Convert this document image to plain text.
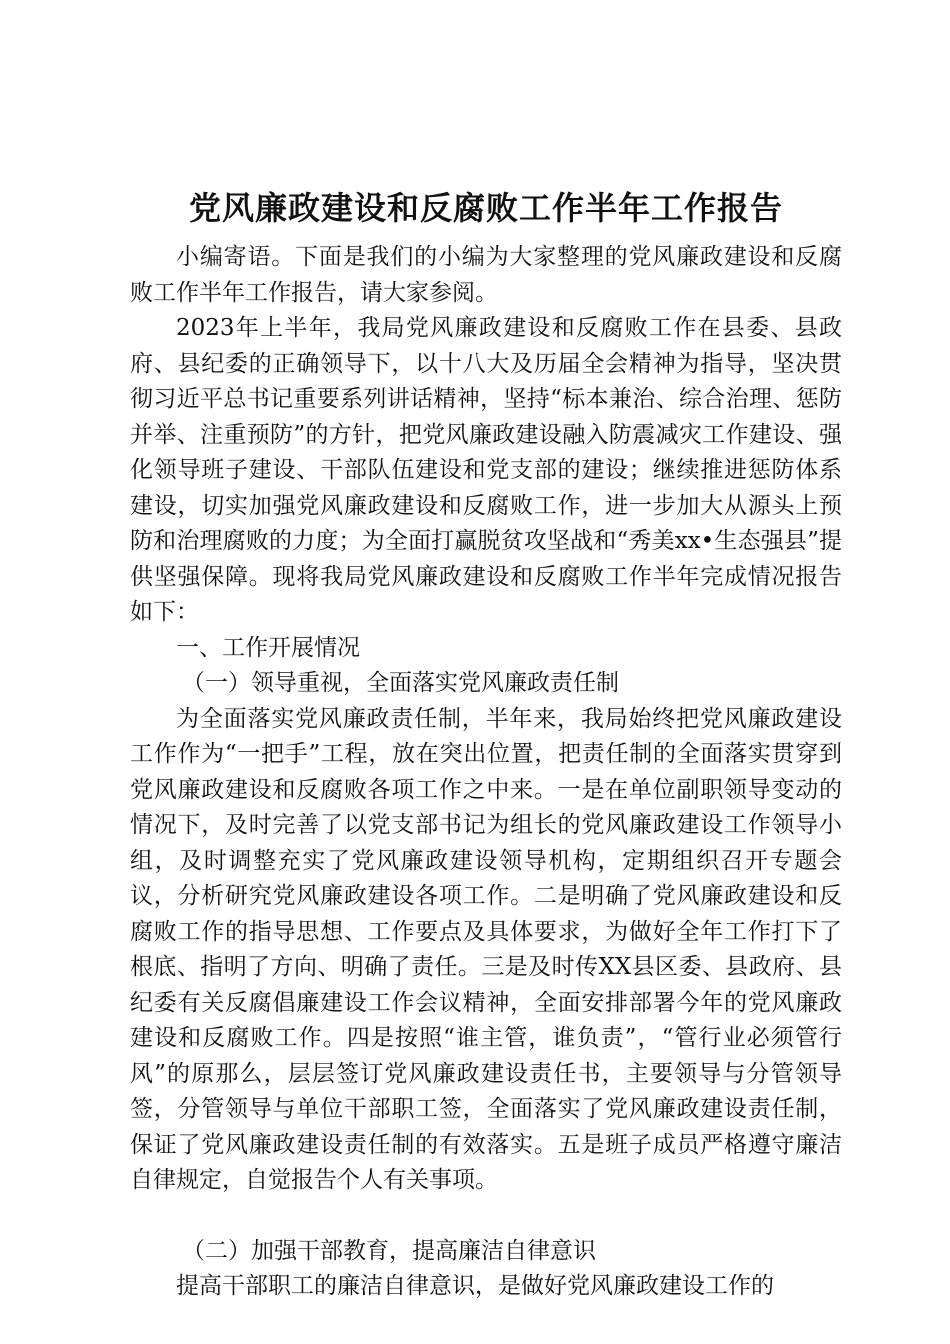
党风廉政建设和反腐败工作半年工作报告

小编寄语。下面是我们的小编为大家整理的党风廉政建设和反腐败工作半年工作报告，请大家参阅。

2023年上半年，我局党风廉政建设和反腐败工作在县委、县政府、县纪委的正确领导下，以十八大及历届全会精神为指导，坚决贯彻习近平总书记重要系列讲话精神，坚持“标本兼治、综合治理、惩防并举、注重预防”的方针，把党风廉政建设融入防震减灾工作建设、强化领导班子建设、干部队伍建设和党支部的建设；继续推进惩防体系建设，切实加强党风廉政建设和反腐败工作，进一步加大从源头上预防和治理腐败的力度；为全面打赢脱贫攻坚战和“秀美xx•生态强县”提供坚强保障。现将我局党风廉政建设和反腐败工作半年完成情况报告如下：

一、工作开展情况

（一）领导重视，全面落实党风廉政责任制

为全面落实党风廉政责任制，半年来，我局始终把党风廉政建设工作作为“一把手”工程，放在突出位置，把责任制的全面落实贯穿到党风廉政建设和反腐败各项工作之中来。一是在单位副职领导变动的情况下，及时完善了以党支部书记为组长的党风廉政建设工作领导小组，及时调整充实了党风廉政建设领导机构，定期组织召开专题会议，分析研究党风廉政建设各项工作。二是明确了党风廉政建设和反腐败工作的指导思想、工作要点及具体要求，为做好全年工作打下了根底、指明了方向、明确了责任。三是及时传XX县区委、县政府、县纪委有关反腐倡廉建设工作会议精神，全面安排部署今年的党风廉政建设和反腐败工作。四是按照“谁主管，谁负责”，“管行业必须管行风”的原那么，层层签订党风廉政建设责任书，主要领导与分管领导签，分管领导与单位干部职工签，全面落实了党风廉政建设责任制，保证了党风廉政建设责任制的有效落实。五是班子成员严格遵守廉洁自律规定，自觉报告个人有关事项。

（二）加强干部教育，提高廉洁自律意识

提高干部职工的廉洁自律意识，是做好党风廉政建设工作的
